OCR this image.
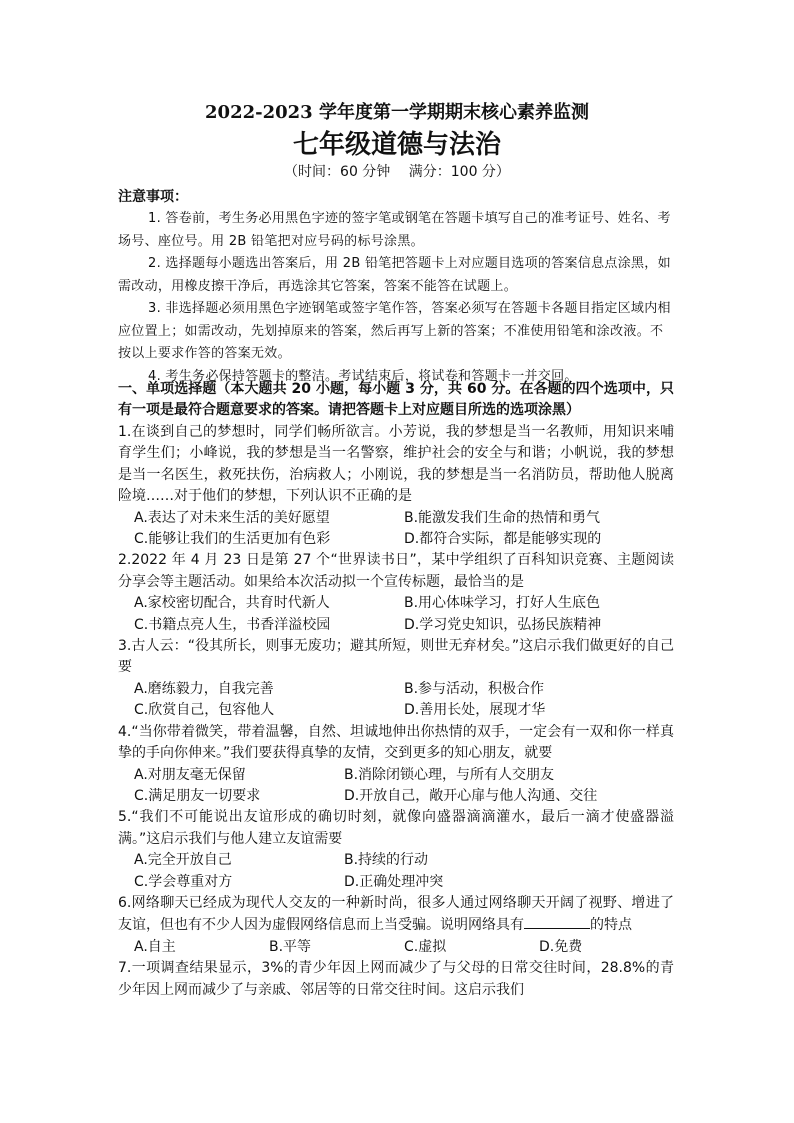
2022-2023 学年度第一学期期末核心素养监测
七年级道德与法治
（时间：60 分钟　 满分：100 分）
注意事项：

1. 答卷前，考生务必用黑色字迹的签字笔或钢笔在答题卡填写自己的准考证号、姓名、考场号、座位号。用 2B 铅笔把对应号码的标号涂黑。

2. 选择题每小题选出答案后，用 2B 铅笔把答题卡上对应题目选项的答案信息点涂黑，如需改动，用橡皮擦干净后，再选涂其它答案，答案不能答在试题上。

3. 非选择题必须用黑色字迹钢笔或签字笔作答，答案必须写在答题卡各题目指定区域内相应位置上；如需改动，先划掉原来的答案，然后再写上新的答案；不准使用铅笔和涂改液。不按以上要求作答的答案无效。

4. 考生务必保持答题卡的整洁。考试结束后，将试卷和答题卡一并交回。

一、单项选择题（本大题共 20 小题，每小题 3 分，共 60 分。在各题的四个选项中，只有一项是最符合题意要求的答案。请把答题卡上对应题目所选的选项涂黑）

1.在谈到自己的梦想时，同学们畅所欲言。小芳说，我的梦想是当一名教师，用知识来哺育学生们；小峰说，我的梦想是当一名警察，维护社会的安全与和谐；小帆说，我的梦想是当一名医生，救死扶伤，治病救人；小刚说，我的梦想是当一名消防员，帮助他人脱离险境……对于他们的梦想，下列认识不正确的是

A.表达了对未来生活的美好愿望	B.能激发我们生命的热情和勇气
C.能够让我们的生活更加有色彩	D.都符合实际，都是能够实现的

2.2022 年 4 月 23 日是第 27 个“世界读书日”，某中学组织了百科知识竞赛、主题阅读分享会等主题活动。如果给本次活动拟一个宣传标题，最恰当的是

A.家校密切配合，共育时代新人	B.用心体味学习，打好人生底色
C.书籍点亮人生，书香洋溢校园	D.学习党史知识，弘扬民族精神

3.古人云：“役其所长，则事无废功；避其所短，则世无弃材矣。”这启示我们做更好的自己要

A.磨练毅力，自我完善	B.参与活动，积极合作
C.欣赏自己，包容他人	D.善用长处，展现才华

4.“当你带着微笑，带着温馨，自然、坦诚地伸出你热情的双手，一定会有一双和你一样真挚的手向你伸来。”我们要获得真挚的友情，交到更多的知心朋友，就要

A.对朋友毫无保留	B.消除闭锁心理，与所有人交朋友
C.满足朋友一切要求	D.开放自己，敞开心扉与他人沟通、交往

5.“我们不可能说出友谊形成的确切时刻，就像向盛器滴滴灌水，最后一滴才使盛器溢满。”这启示我们与他人建立友谊需要

A.完全开放自己	B.持续的行动
C.学会尊重对方	D.正确处理冲突

6.网络聊天已经成为现代人交友的一种新时尚，很多人通过网络聊天开阔了视野、增进了友谊，但也有不少人因为虚假网络信息而上当受骗。说明网络具有	的特点

A.自主	B.平等	C.虚拟	D.免费

7.一项调查结果显示，3%的青少年因上网而减少了与父母的日常交往时间，28.8%的青少年因上网而减少了与亲戚、邻居等的日常交往时间。这启示我们
